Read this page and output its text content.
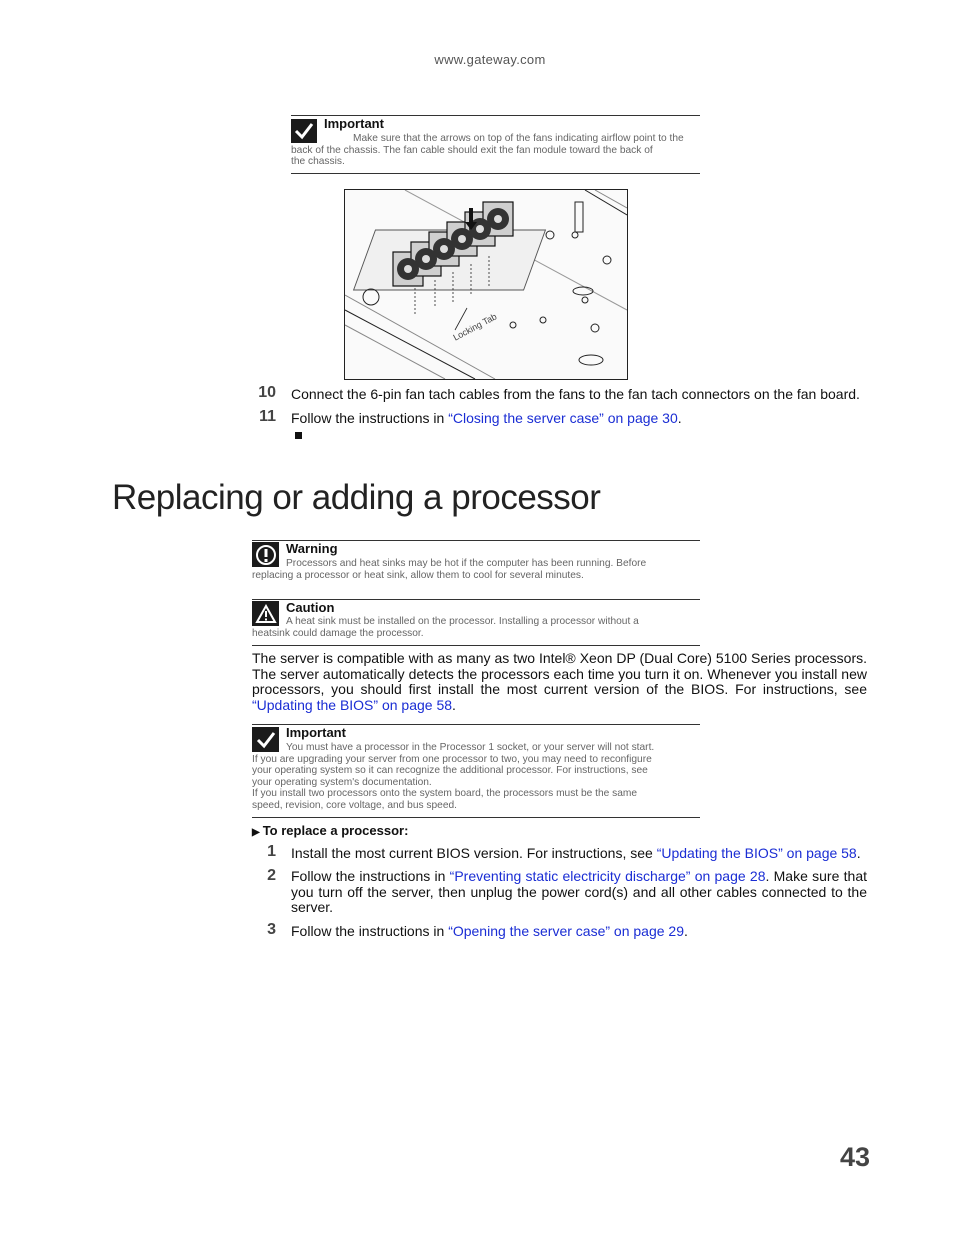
www.gateway.com
Important
Make sure that the arrows on top of the fans indicating airflow point to the
back of the chassis. The fan cable should exit the fan module toward the back of
the chassis.
Locking Tab
10 Connect the 6-pin fan tach cables from the fans to the fan tach connectors on the fan board.
11 Follow the instructions in “Closing the server case” on page 30.
Replacing or adding a processor
Warning
Processors and heat sinks may be hot if the computer has been running. Before
replacing a processor or heat sink, allow them to cool for several minutes.
Caution
A heat sink must be installed on the processor. Installing a processor without a
heatsink could damage the processor.
The server is compatible with as many as two Intel® Xeon DP (Dual Core) 5100 Series processors. The server automatically detects the processors each time you turn it on. Whenever you install new processors, you should first install the most current version of the BIOS. For instructions, see “Updating the BIOS” on page 58.
Important
You must have a processor in the Processor 1 socket, or your server will not start.
If you are upgrading your server from one processor to two, you may need to reconfigure
your operating system so it can recognize the additional processor. For instructions, see
your operating system's documentation.
If you install two processors onto the system board, the processors must be the same
speed, revision, core voltage, and bus speed.
▶ To replace a processor:
1 Install the most current BIOS version. For instructions, see “Updating the BIOS” on page 58.
2 Follow the instructions in “Preventing static electricity discharge” on page 28. Make sure that you turn off the server, then unplug the power cord(s) and all other cables connected to the server.
3 Follow the instructions in “Opening the server case” on page 29.
43
